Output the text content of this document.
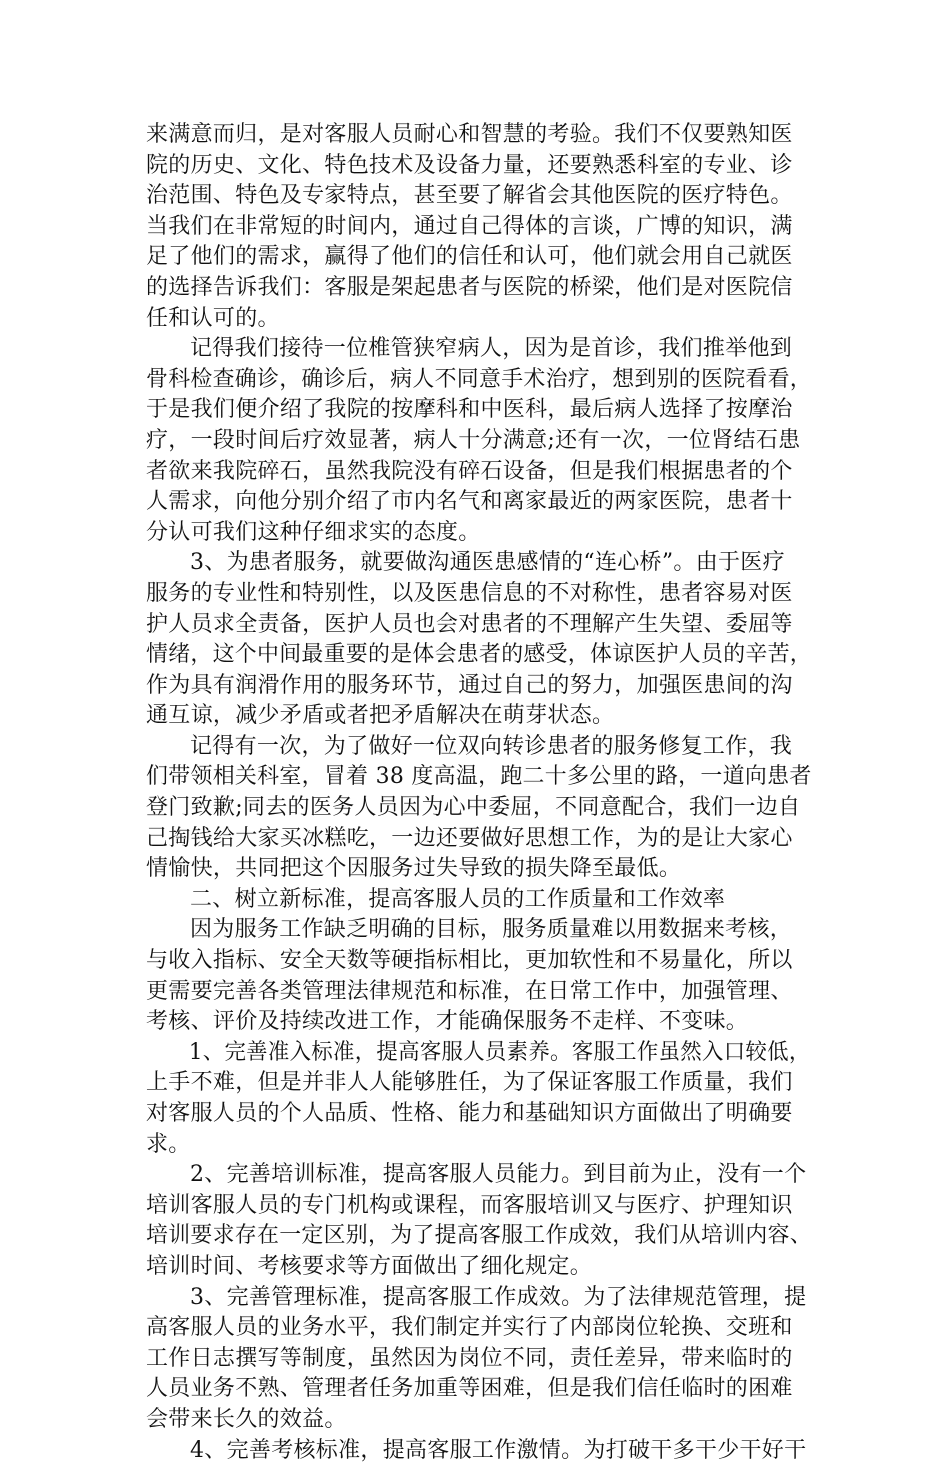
来满意而归，是对客服人员耐心和智慧的考验。我们不仅要熟知医
院的历史、文化、特色技术及设备力量，还要熟悉科室的专业、诊
治范围、特色及专家特点，甚至要了解省会其他医院的医疗特色。
当我们在非常短的时间内，通过自己得体的言谈，广博的知识，满
足了他们的需求，赢得了他们的信任和认可，他们就会用自己就医
的选择告诉我们：客服是架起患者与医院的桥梁，他们是对医院信
任和认可的。
记得我们接待一位椎管狭窄病人，因为是首诊，我们推举他到
骨科检查确诊，确诊后，病人不同意手术治疗，想到别的医院看看，
于是我们便介绍了我院的按摩科和中医科，最后病人选择了按摩治
疗，一段时间后疗效显著，病人十分满意;还有一次，一位肾结石患
者欲来我院碎石，虽然我院没有碎石设备，但是我们根据患者的个
人需求，向他分别介绍了市内名气和离家最近的两家医院，患者十
分认可我们这种仔细求实的态度。
3、为患者服务，就要做沟通医患感情的“连心桥”。由于医疗
服务的专业性和特别性，以及医患信息的不对称性，患者容易对医
护人员求全责备，医护人员也会对患者的不理解产生失望、委屈等
情绪，这个中间最重要的是体会患者的感受，体谅医护人员的辛苦，
作为具有润滑作用的服务环节，通过自己的努力，加强医患间的沟
通互谅，减少矛盾或者把矛盾解决在萌芽状态。
记得有一次，为了做好一位双向转诊患者的服务修复工作，我
们带领相关科室，冒着 38 度高温，跑二十多公里的路，一道向患者
登门致歉;同去的医务人员因为心中委屈，不同意配合，我们一边自
己掏钱给大家买冰糕吃，一边还要做好思想工作，为的是让大家心
情愉快，共同把这个因服务过失导致的损失降至最低。
二、树立新标准，提高客服人员的工作质量和工作效率
因为服务工作缺乏明确的目标，服务质量难以用数据来考核，
与收入指标、安全天数等硬指标相比，更加软性和不易量化，所以
更需要完善各类管理法律规范和标准，在日常工作中，加强管理、
考核、评价及持续改进工作，才能确保服务不走样、不变味。
1、完善准入标准，提高客服人员素养。客服工作虽然入口较低，
上手不难，但是并非人人能够胜任，为了保证客服工作质量，我们
对客服人员的个人品质、性格、能力和基础知识方面做出了明确要
求。
2、完善培训标准，提高客服人员能力。到目前为止，没有一个
培训客服人员的专门机构或课程，而客服培训又与医疗、护理知识
培训要求存在一定区别，为了提高客服工作成效，我们从培训内容、
培训时间、考核要求等方面做出了细化规定。
3、完善管理标准，提高客服工作成效。为了法律规范管理，提
高客服人员的业务水平，我们制定并实行了内部岗位轮换、交班和
工作日志撰写等制度，虽然因为岗位不同，责任差异，带来临时的
人员业务不熟、管理者任务加重等困难，但是我们信任临时的困难
会带来长久的效益。
4、完善考核标准，提高客服工作激情。为打破干多干少干好干
